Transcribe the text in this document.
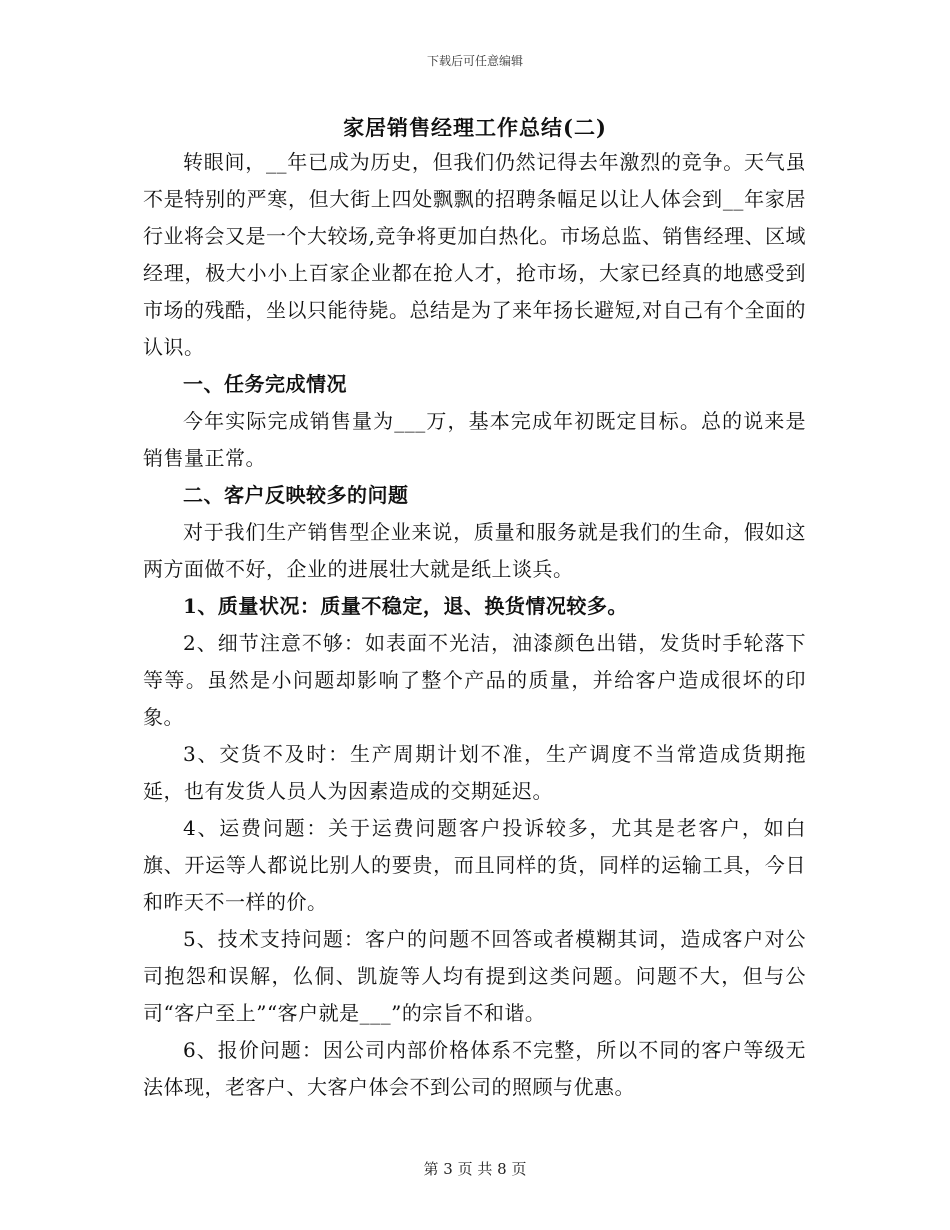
下载后可任意编辑
家居销售经理工作总结(二)

转眼间，__年已成为历史，但我们仍然记得去年激烈的竞争。天气虽不是特别的严寒，但大街上四处飘飘的招聘条幅足以让人体会到__年家居行业将会又是一个大较场,竞争将更加白热化。市场总监、销售经理、区域经理，极大小小上百家企业都在抢人才，抢市场，大家已经真的地感受到市场的残酷，坐以只能待毙。总结是为了来年扬长避短,对自己有个全面的认识。

一、任务完成情况

今年实际完成销售量为___万，基本完成年初既定目标。总的说来是销售量正常。

二、客户反映较多的问题

对于我们生产销售型企业来说，质量和服务就是我们的生命，假如这两方面做不好，企业的进展壮大就是纸上谈兵。

1、质量状况：质量不稳定，退、换货情况较多。

2、细节注意不够：如表面不光洁，油漆颜色出错，发货时手轮落下等等。虽然是小问题却影响了整个产品的质量，并给客户造成很坏的印象。

3、交货不及时：生产周期计划不准，生产调度不当常造成货期拖延，也有发货人员人为因素造成的交期延迟。

4、运费问题：关于运费问题客户投诉较多，尤其是老客户，如白旗、开运等人都说比别人的要贵，而且同样的货，同样的运输工具，今日和昨天不一样的价。

5、技术支持问题：客户的问题不回答或者模糊其词，造成客户对公司抱怨和误解，仫侗、凯旋等人均有提到这类问题。问题不大，但与公司“客户至上”“客户就是___”的宗旨不和谐。

6、报价问题：因公司内部价格体系不完整，所以不同的客户等级无法体现，老客户、大客户体会不到公司的照顾与优惠。

第 3 页 共 8 页
